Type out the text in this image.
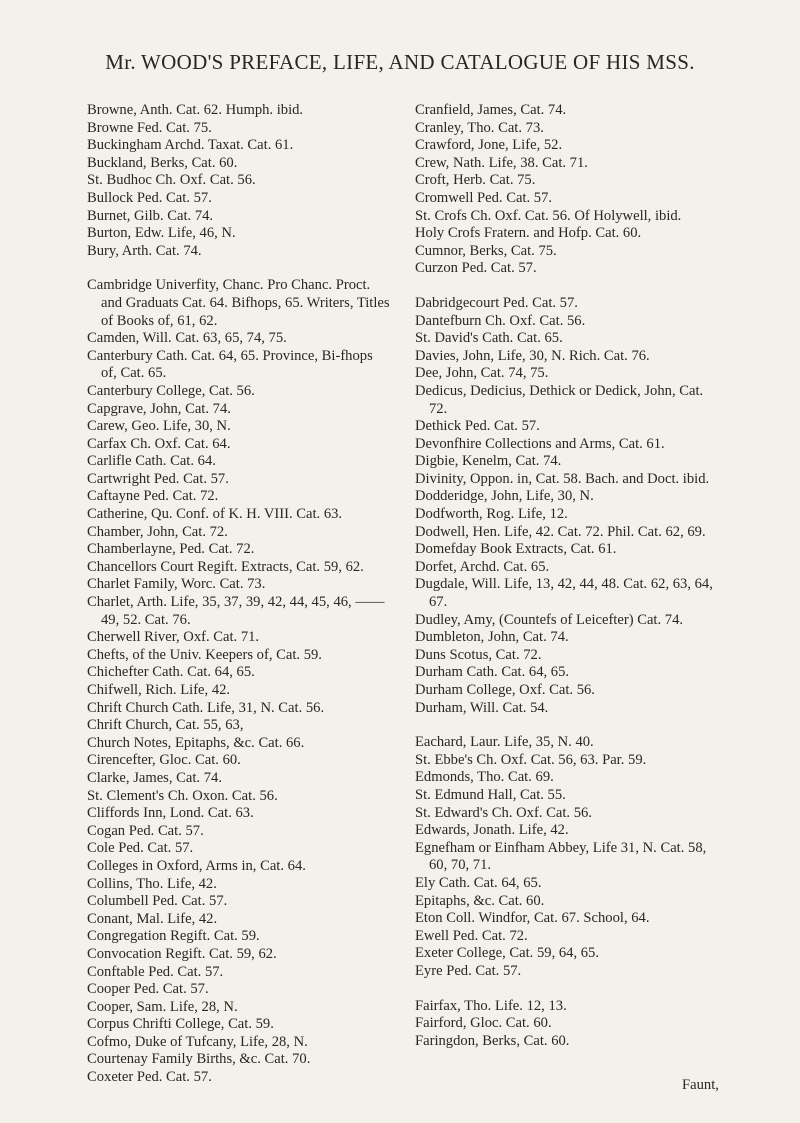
Mr. WOOD'S PREFACE, LIFE, AND CATALOGUE OF HIS MSS.
Browne, Anth. Cat. 62. Humph. ibid.
Browne Fed. Cat. 75.
Buckingham Archd. Taxat. Cat. 61.
Buckland, Berks, Cat. 60.
St. Budhoc Ch. Oxf. Cat. 56.
Bullock Ped. Cat. 57.
Burnet, Gilb. Cat. 74.
Burton, Edw. Life, 46, N.
Bury, Arth. Cat. 74.
Cambridge Univerfity, Chanc. Pro Chanc. Proct. and Graduats Cat. 64. Bifhops, 65. Writers, Titles of Books of, 61, 62.
Camden, Will. Cat. 63, 65, 74, 75.
Canterbury Cath. Cat. 64, 65. Province, Bi-fhops of, Cat. 65.
Canterbury College, Cat. 56.
Capgrave, John, Cat. 74.
Carew, Geo. Life, 30, N.
Carfax Ch. Oxf. Cat. 64.
Carlifle Cath. Cat. 64.
Cartwright Ped. Cat. 57.
Caftayne Ped. Cat. 72.
Catherine, Qu. Conf. of K. H. VIII. Cat. 63.
Chamber, John, Cat. 72.
Chamberlayne, Ped. Cat. 72.
Chancellors Court Regift. Extracts, Cat. 59, 62.
Charlet Family, Worc. Cat. 73.
Charlet, Arth. Life, 35, 37, 39, 42, 44, 45, 46, —— 49, 52. Cat. 76.
Cherwell River, Oxf. Cat. 71.
Chefts, of the Univ. Keepers of, Cat. 59.
Chichefter Cath. Cat. 64, 65.
Chifwell, Rich. Life, 42.
Chrift Church Cath. Life, 31, N. Cat. 56.
Chrift Church, Cat. 55, 63,
Church Notes, Epitaphs, &c. Cat. 66.
Cirencefter, Gloc. Cat. 60.
Clarke, James, Cat. 74.
St. Clement's Ch. Oxon. Cat. 56.
Cliffords Inn, Lond. Cat. 63.
Cogan Ped. Cat. 57.
Cole Ped. Cat. 57.
Colleges in Oxford, Arms in, Cat. 64.
Collins, Tho. Life, 42.
Columbell Ped. Cat. 57.
Conant, Mal. Life, 42.
Congregation Regift. Cat. 59.
Convocation Regift. Cat. 59, 62.
Conftable Ped. Cat. 57.
Cooper Ped. Cat. 57.
Cooper, Sam. Life, 28, N.
Corpus Chrifti College, Cat. 59.
Cofmo, Duke of Tufcany, Life, 28, N.
Courtenay Family Births, &c. Cat. 70.
Coxeter Ped. Cat. 57.
Cranfield, James, Cat. 74.
Cranley, Tho. Cat. 73.
Crawford, Jone, Life, 52.
Crew, Nath. Life, 38. Cat. 71.
Croft, Herb. Cat. 75.
Cromwell Ped. Cat. 57.
St. Crofs Ch. Oxf. Cat. 56. Of Holywell, ibid.
Holy Crofs Fratern. and Hofp. Cat. 60.
Cumnor, Berks, Cat. 75.
Curzon Ped. Cat. 57.
Dabridgecourt Ped. Cat. 57.
Dantefburn Ch. Oxf. Cat. 56.
St. David's Cath. Cat. 65.
Davies, John, Life, 30, N. Rich. Cat. 76.
Dee, John, Cat. 74, 75.
Dedicus, Dedicius, Dethick or Dedick, John, Cat. 72.
Dethick Ped. Cat. 57.
Devonfhire Collections and Arms, Cat. 61.
Digbie, Kenelm, Cat. 74.
Divinity, Oppon. in, Cat. 58. Bach. and Doct. ibid.
Dodderidge, John, Life, 30, N.
Dodfworth, Rog. Life, 12.
Dodwell, Hen. Life, 42. Cat. 72. Phil. Cat. 62, 69.
Domefday Book Extracts, Cat. 61.
Dorfet, Archd. Cat. 65.
Dugdale, Will. Life, 13, 42, 44, 48. Cat. 62, 63, 64, 67.
Dudley, Amy, (Countefs of Leicefter) Cat. 74.
Dumbleton, John, Cat. 74.
Duns Scotus, Cat. 72.
Durham Cath. Cat. 64, 65.
Durham College, Oxf. Cat. 56.
Durham, Will. Cat. 54.
Eachard, Laur. Life, 35, N. 40.
St. Ebbe's Ch. Oxf. Cat. 56, 63. Par. 59.
Edmonds, Tho. Cat. 69.
St. Edmund Hall, Cat. 55.
St. Edward's Ch. Oxf. Cat. 56.
Edwards, Jonath. Life, 42.
Egnefham or Einfham Abbey, Life 31, N. Cat. 58, 60, 70, 71.
Ely Cath. Cat. 64, 65.
Epitaphs, &c. Cat. 60.
Eton Coll. Windfor, Cat. 67. School, 64.
Ewell Ped. Cat. 72.
Exeter College, Cat. 59, 64, 65.
Eyre Ped. Cat. 57.
Fairfax, Tho. Life. 12, 13.
Fairford, Gloc. Cat. 60.
Faringdon, Berks, Cat. 60.
Faunt,
